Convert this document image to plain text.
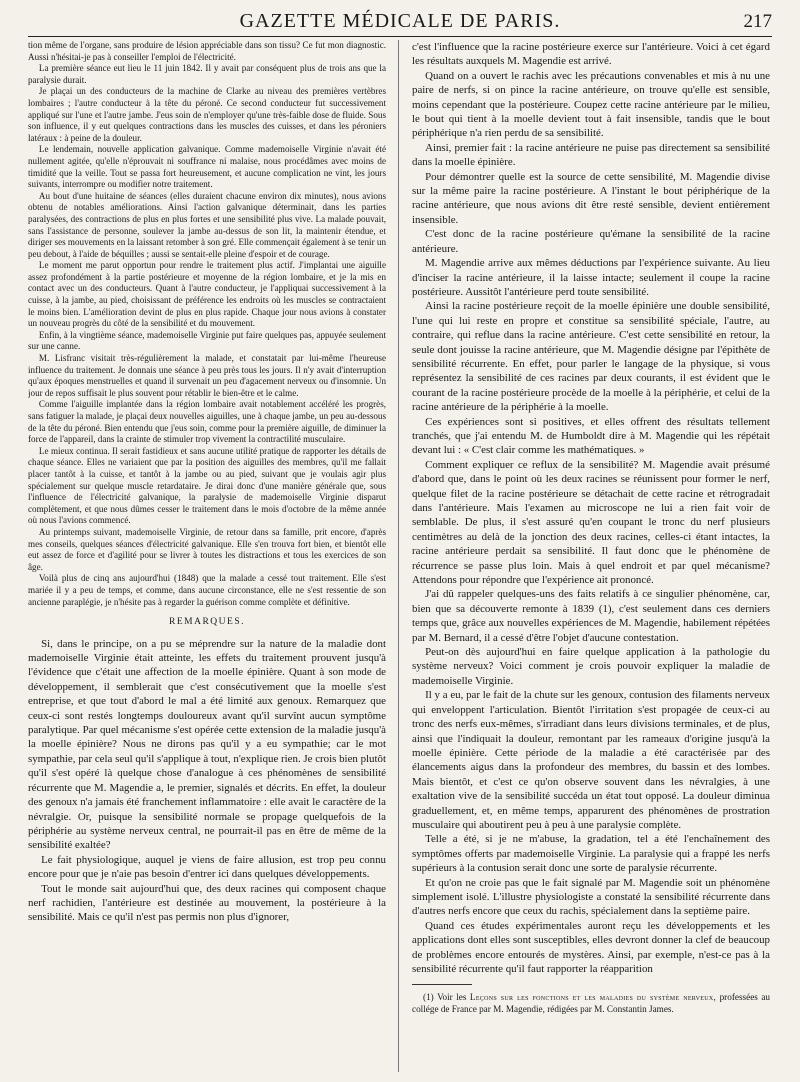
GAZETTE MÉDICALE DE PARIS.	217

tion même de l'organe, sans produire de lésion appréciable dans son tissu? Ce fut mon diagnostic. Aussi n'hésitai-je pas à conseiller l'emploi de l'électricité.

La première séance eut lieu le 11 juin 1842. Il y avait par conséquent plus de trois ans que la paralysie durait.

Je plaçai un des conducteurs de la machine de Clarke au niveau des premières vertèbres lombaires ; l'autre conducteur à la tête du péroné. Ce second conducteur fut successivement appliqué sur l'une et l'autre jambe. J'eus soin de n'employer qu'une très-faible dose de fluide. Sous son influence, il y eut quelques contractions dans les muscles des cuisses, et dans les péroniers latéraux : à peine de la douleur.

Le lendemain, nouvelle application galvanique. Comme mademoiselle Virginie n'avait été nullement agitée, qu'elle n'éprouvait ni souffrance ni malaise, nous procédâmes avec moins de timidité que la veille. Tout se passa fort heureusement, et aucune complication ne vint, les jours suivants, interrompre ou modifier notre traitement.

Au bout d'une huitaine de séances (elles duraient chacune environ dix minutes), nous avions obtenu de notables améliorations. Ainsi l'action galvanique déterminait, dans les parties paralysées, des contractions de plus en plus fortes et une sensibilité plus vive. La malade pouvait, sans l'assistance de personne, soulever la jambe au-dessus de son lit, la maintenir étendue, et diriger ses mouvements en la laissant retomber à son gré. Elle commençait également à se tenir un peu debout, à l'aide de béquilles ; aussi se sentait-elle pleine d'espoir et de courage.

Le moment me parut opportun pour rendre le traitement plus actif. J'implantai une aiguille assez profondément à la partie postérieure et moyenne de la région lombaire, et je la mis en contact avec un des conducteurs. Quant à l'autre conducteur, je l'appliquai successivement à la cuisse, à la jambe, au pied, choisissant de préférence les endroits où les muscles se contractaient le moins bien. L'amélioration devint de plus en plus rapide. Chaque jour nous avions à constater un nouveau progrès du côté de la sensibilité et du mouvement.

Enfin, à la vingtième séance, mademoiselle Virginie put faire quelques pas, appuyée seulement sur une canne.

M. Lisfranc visitait très-régulièrement la malade, et constatait par lui-même l'heureuse influence du traitement. Je donnais une séance à peu près tous les jours. Il n'y avait d'interruption qu'aux époques menstruelles et quand il survenait un peu d'agacement nerveux ou d'insomnie. Un jour de repos suffisait le plus souvent pour rétablir le bien-être et le calme.

Comme l'aiguille implantée dans la région lombaire avait notablement accéléré les progrès, sans fatiguer la malade, je plaçai deux nouvelles aiguilles, une à chaque jambe, un peu au-dessous de la tête du péroné. Bien entendu que j'eus soin, comme pour la première aiguille, de diminuer la force de l'appareil, dans la crainte de stimuler trop vivement la contractilité musculaire.

Le mieux continua. Il serait fastidieux et sans aucune utilité pratique de rapporter les détails de chaque séance. Elles ne variaient que par la position des aiguilles des membres, qu'il me fallait placer tantôt à la cuisse, et tantôt à la jambe ou au pied, suivant que je voulais agir plus spécialement sur quelque muscle retardataire. Je dirai donc d'une manière générale que, sous l'influence de l'électricité galvanique, la paralysie de mademoiselle Virginie disparut complètement, et que nous dûmes cesser le traitement dans le mois d'octobre de la même année où nous l'avions commencé.

Au printemps suivant, mademoiselle Virginie, de retour dans sa famille, prit encore, d'après mes conseils, quelques séances d'électricité galvanique. Elle s'en trouva fort bien, et bientôt elle eut assez de force et d'agilité pour se livrer à toutes les distractions et tous les exercices de son âge.

Voilà plus de cinq ans aujourd'hui (1848) que la malade a cessé tout traitement. Elle s'est mariée il y a peu de temps, et comme, dans aucune circonstance, elle ne s'est ressentie de son ancienne paraplégie, je n'hésite pas à regarder la guérison comme complète et définitive.

REMARQUES.

Si, dans le principe, on a pu se méprendre sur la nature de la maladie dont mademoiselle Virginie était atteinte, les effets du traitement prouvent jusqu'à l'évidence que c'était une affection de la moelle épinière. Quant à son mode de développement, il semblerait que c'est consécutivement que la moelle s'est entreprise, et que tout d'abord le mal a été limité aux genoux. Remarquez que ceux-ci sont restés longtemps douloureux avant qu'il survînt aucun symptôme paralytique. Par quel mécanisme s'est opérée cette extension de la maladie jusqu'à la moelle épinière? Nous ne dirons pas qu'il y a eu sympathie; car le mot sympathie, par cela seul qu'il s'applique à tout, n'explique rien. Je crois bien plutôt qu'il s'est opéré là quelque chose d'analogue à ces phénomènes de sensibilité récurrente que M. Magendie a, le premier, signalés et décrits. En effet, la douleur des genoux n'a jamais été franchement inflammatoire : elle avait le caractère de la névralgie. Or, puisque la sensibilité normale se propage quelquefois de la périphérie au système nerveux central, ne pourrait-il pas en être de même de la sensibilité exaltée?

Le fait physiologique, auquel je viens de faire allusion, est trop peu connu encore pour que je n'aie pas besoin d'entrer ici dans quelques développements.

Tout le monde sait aujourd'hui que, des deux racines qui composent chaque nerf rachidien, l'antérieure est destinée au mouvement, la postérieure à la sensibilité. Mais ce qu'il n'est pas permis non plus d'ignorer,

c'est l'influence que la racine postérieure exerce sur l'antérieure. Voici à cet égard les résultats auxquels M. Magendie est arrivé.

Quand on a ouvert le rachis avec les précautions convenables et mis à nu une paire de nerfs, si on pince la racine antérieure, on trouve qu'elle est sensible, moins cependant que la postérieure. Coupez cette racine antérieure par le milieu, le bout qui tient à la moelle devient tout à fait insensible, tandis que le bout périphérique n'a rien perdu de sa sensibilité.

Ainsi, premier fait : la racine antérieure ne puise pas directement sa sensibilité dans la moelle épinière.

Pour démontrer quelle est la source de cette sensibilité, M. Magendie divise sur la même paire la racine postérieure. A l'instant le bout périphérique de la racine antérieure, que nous avions dit être resté sensible, devient entièrement insensible.

C'est donc de la racine postérieure qu'émane la sensibilité de la racine antérieure.

M. Magendie arrive aux mêmes déductions par l'expérience suivante. Au lieu d'inciser la racine antérieure, il la laisse intacte; seulement il coupe la racine postérieure. Aussitôt l'antérieure perd toute sensibilité.

Ainsi la racine postérieure reçoit de la moelle épinière une double sensibilité, l'une qui lui reste en propre et constitue sa sensibilité spéciale, l'autre, au contraire, qui reflue dans la racine antérieure. C'est cette sensibilité en retour, la seule dont jouisse la racine antérieure, que M. Magendie désigne par l'épithète de sensibilité récurrente. En effet, pour parler le langage de la physique, si vous représentez la sensibilité de ces racines par deux courants, il est évident que le courant de la racine postérieure procède de la moelle à la périphérie, et celui de la racine antérieure de la périphérie à la moelle.

Ces expériences sont si positives, et elles offrent des résultats tellement tranchés, que j'ai entendu M. de Humboldt dire à M. Magendie qui les répétait devant lui : « C'est clair comme les mathématiques. »

Comment expliquer ce reflux de la sensibilité? M. Magendie avait présumé d'abord que, dans le point où les deux racines se réunissent pour former le nerf, quelque filet de la racine postérieure se détachait de cette racine et rétrogradait dans l'antérieure. Mais l'examen au microscope ne lui a rien fait voir de semblable. De plus, il s'est assuré qu'en coupant le tronc du nerf plusieurs centimètres au delà de la jonction des deux racines, celles-ci étant intactes, la racine antérieure perdait sa sensibilité. Il faut donc que le phénomène de récurrence se passe plus loin. Mais à quel endroit et par quel mécanisme? Attendons pour répondre que l'expérience ait prononcé.

J'ai dû rappeler quelques-uns des faits relatifs à ce singulier phénomène, car, bien que sa découverte remonte à 1839 (1), c'est seulement dans ces derniers temps que, grâce aux nouvelles expériences de M. Magendie, habilement répétées par M. Bernard, il a cessé d'être l'objet d'aucune contestation.

Peut-on dès aujourd'hui en faire quelque application à la pathologie du système nerveux? Voici comment je crois pouvoir expliquer la maladie de mademoiselle Virginie.

Il y a eu, par le fait de la chute sur les genoux, contusion des filaments nerveux qui enveloppent l'articulation. Bientôt l'irritation s'est propagée de ceux-ci au tronc des nerfs eux-mêmes, s'irradiant dans leurs divisions terminales, et de plus, ainsi que l'indiquait la douleur, remontant par les rameaux d'origine jusqu'à la moelle épinière. Cette période de la maladie a été caractérisée par des élancements aigus dans la profondeur des membres, du bassin et des lombes. Mais bientôt, et c'est ce qu'on observe souvent dans les névralgies, à une exaltation vive de la sensibilité succéda un état tout opposé. La douleur diminua graduellement, et, en même temps, apparurent des phénomènes de prostration musculaire qui aboutirent peu à peu à une paralysie complète.

Telle a été, si je ne m'abuse, la gradation, tel a été l'enchaînement des symptômes offerts par mademoiselle Virginie. La paralysie qui a frappé les nerfs supérieurs à la contusion serait donc une sorte de paralysie récurrente.

Et qu'on ne croie pas que le fait signalé par M. Magendie soit un phénomène simplement isolé. L'illustre physiologiste a constaté la sensibilité récurrente dans d'autres nerfs encore que ceux du rachis, spécialement dans la septième paire.

Quand ces études expérimentales auront reçu les développements et les applications dont elles sont susceptibles, elles devront donner la clef de beaucoup de problèmes encore entourés de mystères. Ainsi, par exemple, n'est-ce pas à la sensibilité récurrente qu'il faut rapporter la réapparition

(1) Voir les Leçons sur les fonctions et les maladies du système nerveux, professées au collége de France par M. Magendie, rédigées par M. Constantin James.
